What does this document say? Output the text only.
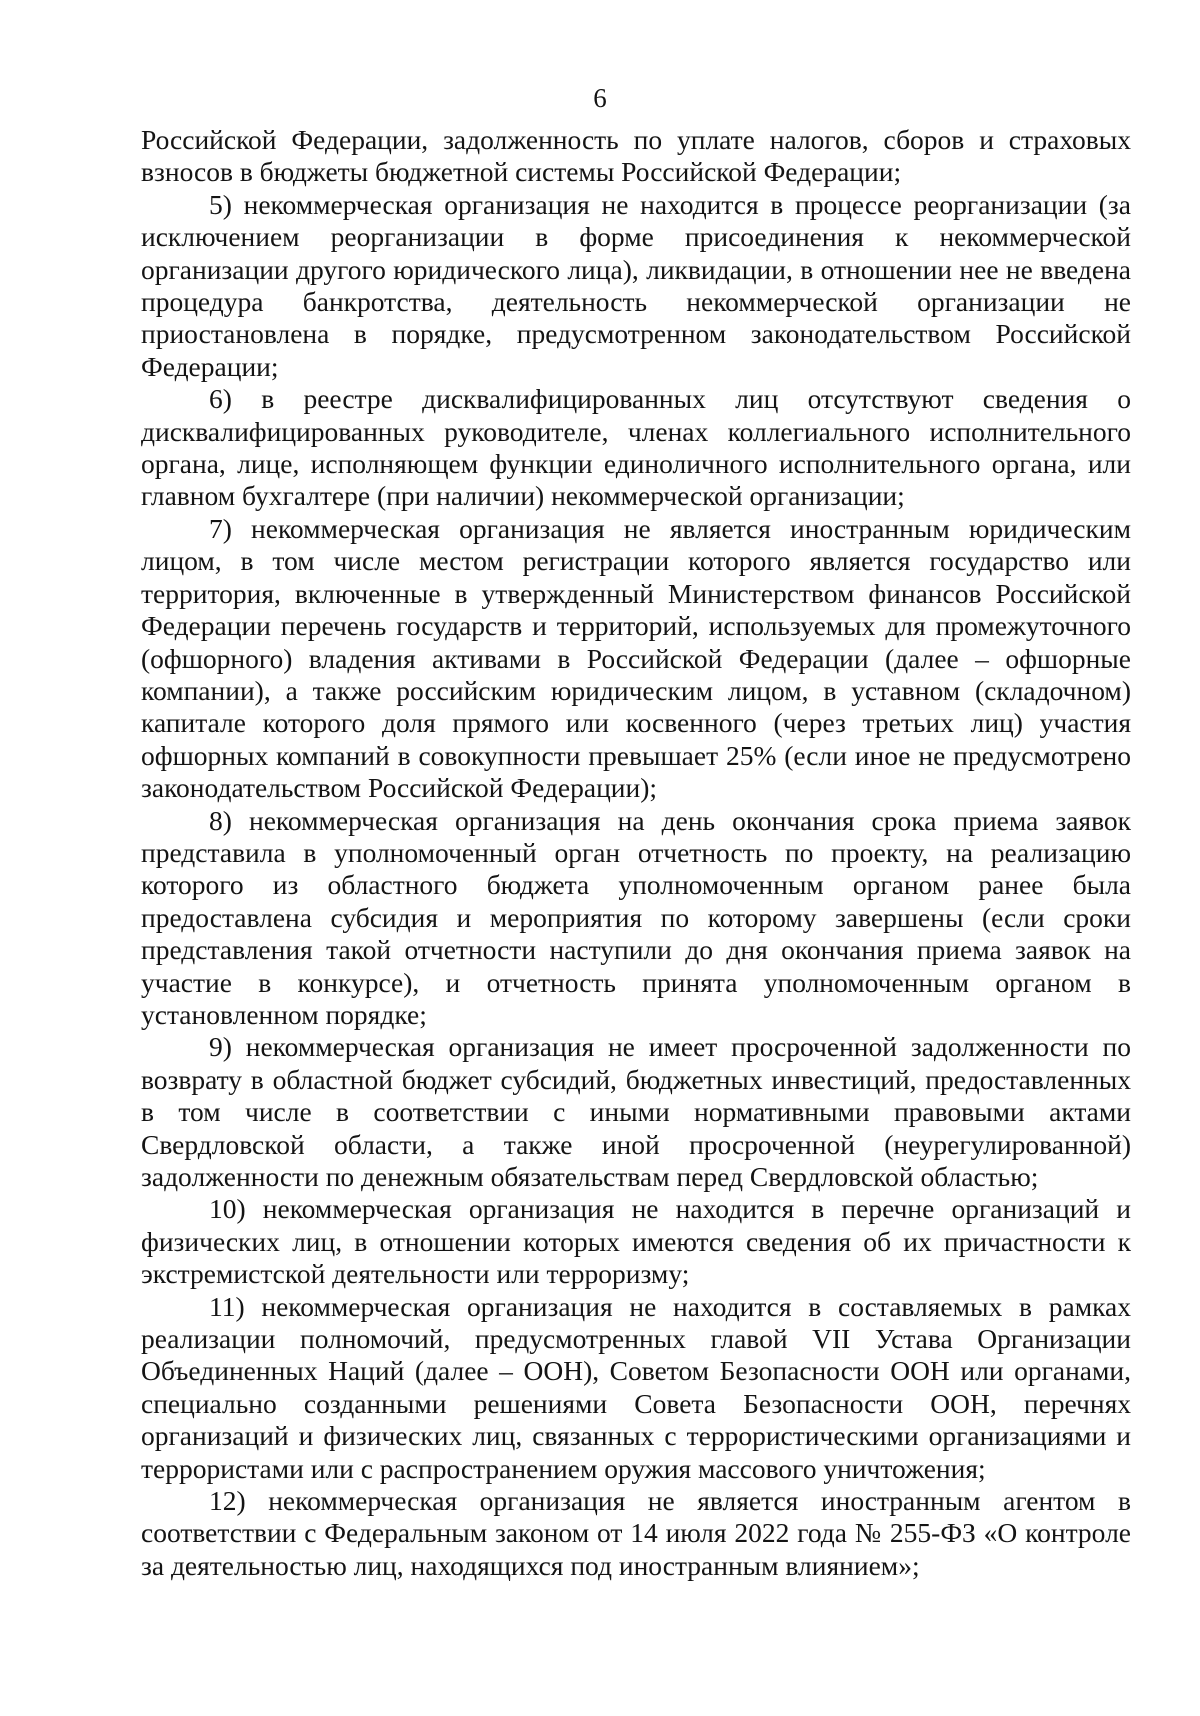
6

Российской Федерации, задолженность по уплате налогов, сборов и страховых взносов в бюджеты бюджетной системы Российской Федерации;

5) некоммерческая организация не находится в процессе реорганизации (за исключением реорганизации в форме присоединения к некоммерческой организации другого юридического лица), ликвидации, в отношении нее не введена процедура банкротства, деятельность некоммерческой организации не приостановлена в порядке, предусмотренном законодательством Российской Федерации;

6) в реестре дисквалифицированных лиц отсутствуют сведения о дисквалифицированных руководителе, членах коллегиального исполнительного органа, лице, исполняющем функции единоличного исполнительного органа, или главном бухгалтере (при наличии) некоммерческой организации;

7) некоммерческая организация не является иностранным юридическим лицом, в том числе местом регистрации которого является государство или территория, включенные в утвержденный Министерством финансов Российской Федерации перечень государств и территорий, используемых для промежуточного (офшорного) владения активами в Российской Федерации (далее – офшорные компании), а также российским юридическим лицом, в уставном (складочном) капитале которого доля прямого или косвенного (через третьих лиц) участия офшорных компаний в совокупности превышает 25% (если иное не предусмотрено законодательством Российской Федерации);

8) некоммерческая организация на день окончания срока приема заявок представила в уполномоченный орган отчетность по проекту, на реализацию которого из областного бюджета уполномоченным органом ранее была предоставлена субсидия и мероприятия по которому завершены (если сроки представления такой отчетности наступили до дня окончания приема заявок на участие в конкурсе), и отчетность принята уполномоченным органом в установленном порядке;

9) некоммерческая организация не имеет просроченной задолженности по возврату в областной бюджет субсидий, бюджетных инвестиций, предоставленных в том числе в соответствии с иными нормативными правовыми актами Свердловской области, а также иной просроченной (неурегулированной) задолженности по денежным обязательствам перед Свердловской областью;

10) некоммерческая организация не находится в перечне организаций и физических лиц, в отношении которых имеются сведения об их причастности к экстремистской деятельности или терроризму;

11) некоммерческая организация не находится в составляемых в рамках реализации полномочий, предусмотренных главой VII Устава Организации Объединенных Наций (далее – ООН), Советом Безопасности ООН или органами, специально созданными решениями Совета Безопасности ООН, перечнях организаций и физических лиц, связанных с террористическими организациями и террористами или с распространением оружия массового уничтожения;

12) некоммерческая организация не является иностранным агентом в соответствии с Федеральным законом от 14 июля 2022 года № 255-ФЗ «О контроле за деятельностью лиц, находящихся под иностранным влиянием»;
